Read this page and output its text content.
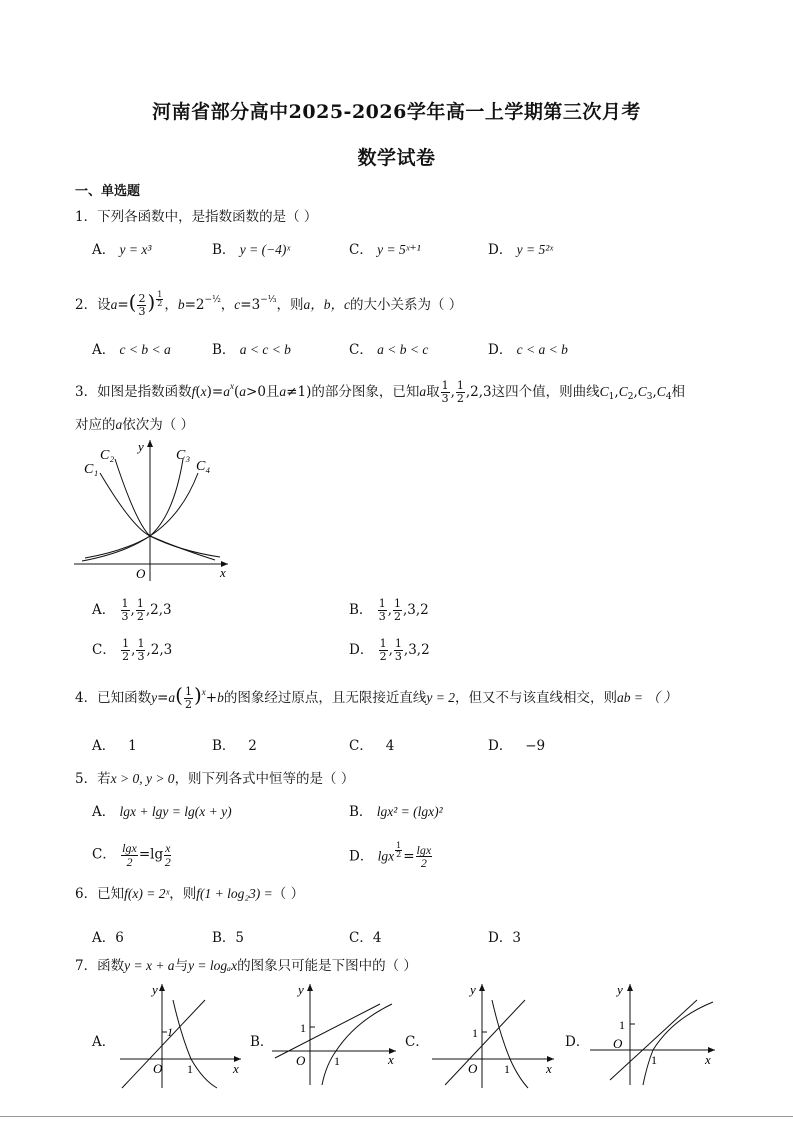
河南省部分高中2025-2026学年高一上学期第三次月考
数学试卷
一、单选题
1．下列各函数中，是指数函数的是（ ）
A． y = x³	B． y = (−4)ˣ	C． y = 5ˣ⁺¹	D． y = 5²ˣ
2．设$a=( \frac{2}{3}$ ) $^{\frac{1}{2}}$ ，$b=2^{-\frac{1}{2}}$，$c=3^{-\frac{1}{3}}$，则a，b，c的大小关系为（ ）
A． c < b < a	B． a < c < b	C． a < b < c	D． c < a < b
3．如图是指数函数$f(x)=a^x(a>0$且a≠1)的部分图象，已知a取 $\frac{1}{3}$ , $\frac{1}{2} ,2,3$这四个值，则曲线$C_1,C_2,C_3,C_4$相
对应的a依次为（ ）
C₁
C₂	C₃
C₄
y
x
O
A． $\frac{1}{3}$ , $\frac{1}{2} ,2,3$	B． $\frac{1}{3}$ , $\frac{1}{2} ,3,2$
C． $\frac{1}{2}$ , $\frac{1}{3} ,2,3$	D． $\frac{1}{2}$ , $\frac{1}{3} ,3,2$
4．已知函数$y=a( \frac{1}{2} )^x+b$的图象经过原点，且无限接近直线y = 2，但又不与该直线相交，则ab = （ ）
A． 1	B． 2	C． 4	D． −9
5．若x > 0, y > 0，则下列各式中恒等的是（ ）
A． lgx + lgy = lg(x + y)	B． lgx² = (lgx)²
C． $\frac{\lg x}{2} =\lg \frac{x}{2}$	D． lgx $^{\frac{1}{2}} = \frac{\lg x}{2}$
6．已知f(x) = 2ˣ，则f(1 + log₂3) =（ ）
A．6	B．5	C．4	D．3
7．函数y = x + a与y = logₐx的图象只可能是下图中的（ ）
A．
1
y
x
O 1
B．
1
y
x
O 1
C．
1
y
x
O 1
D．
1
y
x
O
1
